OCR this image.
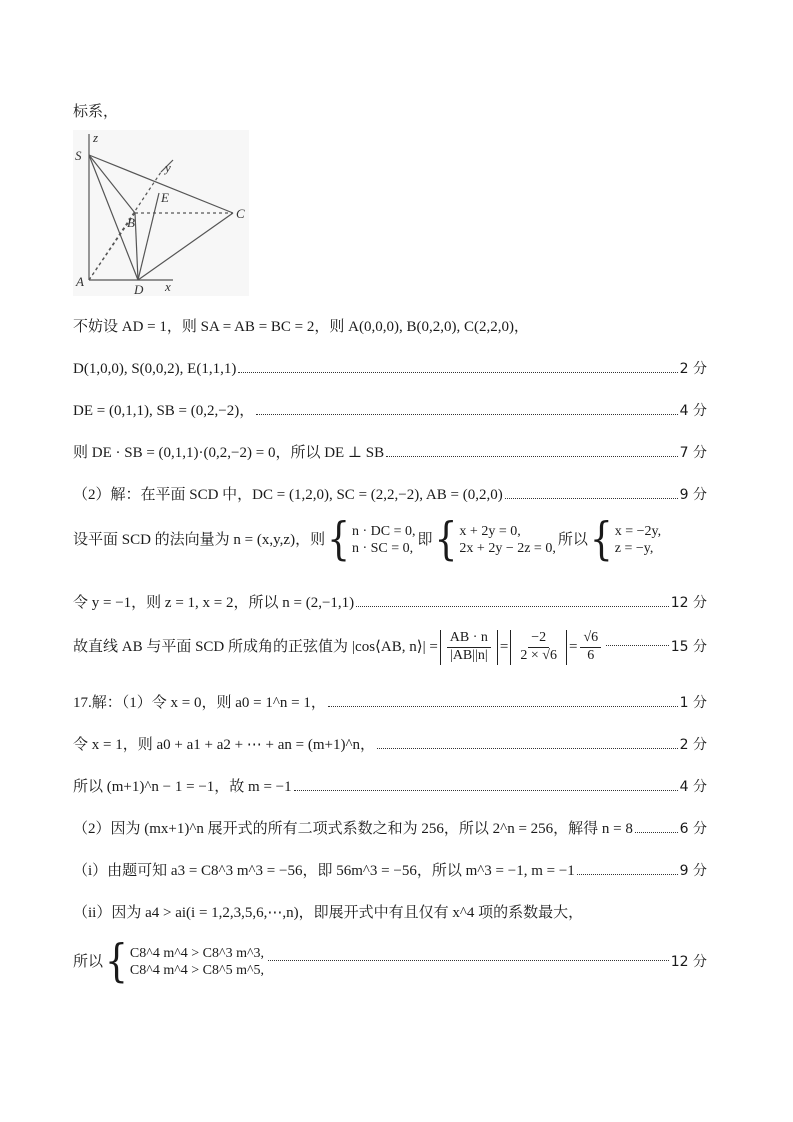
标系，
z
S
y
E
B
C
A
D x
不妨设 AD = 1，则 SA = AB = BC = 2，则 A(0,0,0), B(0,2,0), C(2,2,0)，
D(1,0,0), S(0,0,2), E(1,1,1)	2 分
DE = (0,1,1), SB = (0,2,−2)，	4 分
则 DE · SB = (0,1,1)·(0,2,−2) = 0，所以 DE ⊥ SB	7 分
（2）解：在平面 SCD 中，DC = (1,2,0), SC = (2,2,−2), AB = (0,2,0)	9 分
设平面 SCD 的法向量为 n = (x,y,z)，则 { n · DC = 0,
n · SC = 0,
即 { x + 2y = 0,
2x + 2y − 2z = 0,
所以 { x = −2y,
z = −y,
令 y = −1，则 z = 1, x = 2，所以 n = (2,−1,1)	12 分
故直线 AB 与平面 SCD 所成角的正弦值为 |cos⟨AB, n⟩| = $\frac{AB \cdot n}{|AB||n|} = \frac{-2}{2 \times √6} = \frac{√6}{6}$	15 分
17.解：（1）令 x = 0，则 a0 = 1^n = 1，	1 分
令 x = 1，则 a0 + a1 + a2 + ⋯ + an = (m+1)^n，	2 分
所以 (m+1)^n − 1 = −1，故 m = −1	4 分
（2）因为 (mx+1)^n 展开式的所有二项式系数之和为 256，所以 2^n = 256，解得 n = 8	6 分
（i）由题可知 a3 = C8^3 m^3 = −56，即 56m^3 = −56，所以 m^3 = −1, m = −1	9 分
（ii）因为 a4 > ai(i = 1,2,3,5,6,⋯,n)，即展开式中有且仅有 x^4 项的系数最大，
所以 { C8^4 m^4 > C8^3 m^3,
C8^4 m^4 > C8^5 m^5,
12 分
